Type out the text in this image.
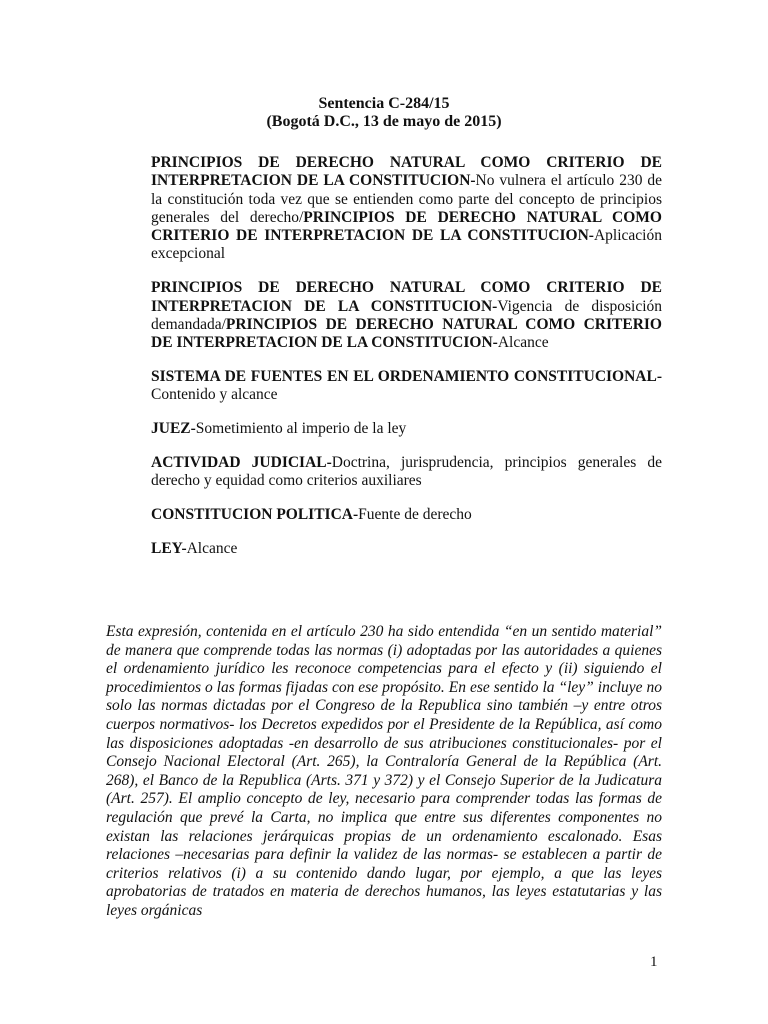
Sentencia C-284/15
(Bogotá D.C., 13 de mayo de 2015)

PRINCIPIOS DE DERECHO NATURAL COMO CRITERIO DE INTERPRETACION DE LA CONSTITUCION-No vulnera el artículo 230 de la constitución toda vez que se entienden como parte del concepto de principios generales del derecho/PRINCIPIOS DE DERECHO NATURAL COMO CRITERIO DE INTERPRETACION DE LA CONSTITUCION-Aplicación excepcional

PRINCIPIOS DE DERECHO NATURAL COMO CRITERIO DE INTERPRETACION DE LA CONSTITUCION-Vigencia de disposición demandada/PRINCIPIOS DE DERECHO NATURAL COMO CRITERIO DE INTERPRETACION DE LA CONSTITUCION-Alcance

SISTEMA DE FUENTES EN EL ORDENAMIENTO CONSTITUCIONAL-Contenido y alcance

JUEZ-Sometimiento al imperio de la ley

ACTIVIDAD JUDICIAL-Doctrina, jurisprudencia, principios generales de derecho y equidad como criterios auxiliares

CONSTITUCION POLITICA-Fuente de derecho

LEY-Alcance

Esta expresión, contenida en el artículo 230 ha sido entendida “en un sentido material” de manera que comprende todas las normas (i) adoptadas por las autoridades a quienes el ordenamiento jurídico les reconoce competencias para el efecto y (ii) siguiendo el procedimientos o las formas fijadas con ese propósito. En ese sentido la “ley” incluye no solo las normas dictadas por el Congreso de la Republica sino también –y entre otros cuerpos normativos- los Decretos expedidos por el Presidente de la República, así como las disposiciones adoptadas -en desarrollo de sus atribuciones constitucionales- por el Consejo Nacional Electoral (Art. 265), la Contraloría General de la República (Art. 268), el Banco de la Republica (Arts. 371 y 372) y el Consejo Superior de la Judicatura (Art. 257). El amplio concepto de ley, necesario para comprender todas las formas de regulación que prevé la Carta, no implica que entre sus diferentes componentes no existan las relaciones jerárquicas propias de un ordenamiento escalonado. Esas relaciones –necesarias para definir la validez de las normas- se establecen a partir de criterios relativos (i) a su contenido dando lugar, por ejemplo, a que las leyes aprobatorias de tratados en materia de derechos humanos, las leyes estatutarias y las leyes orgánicas
1
